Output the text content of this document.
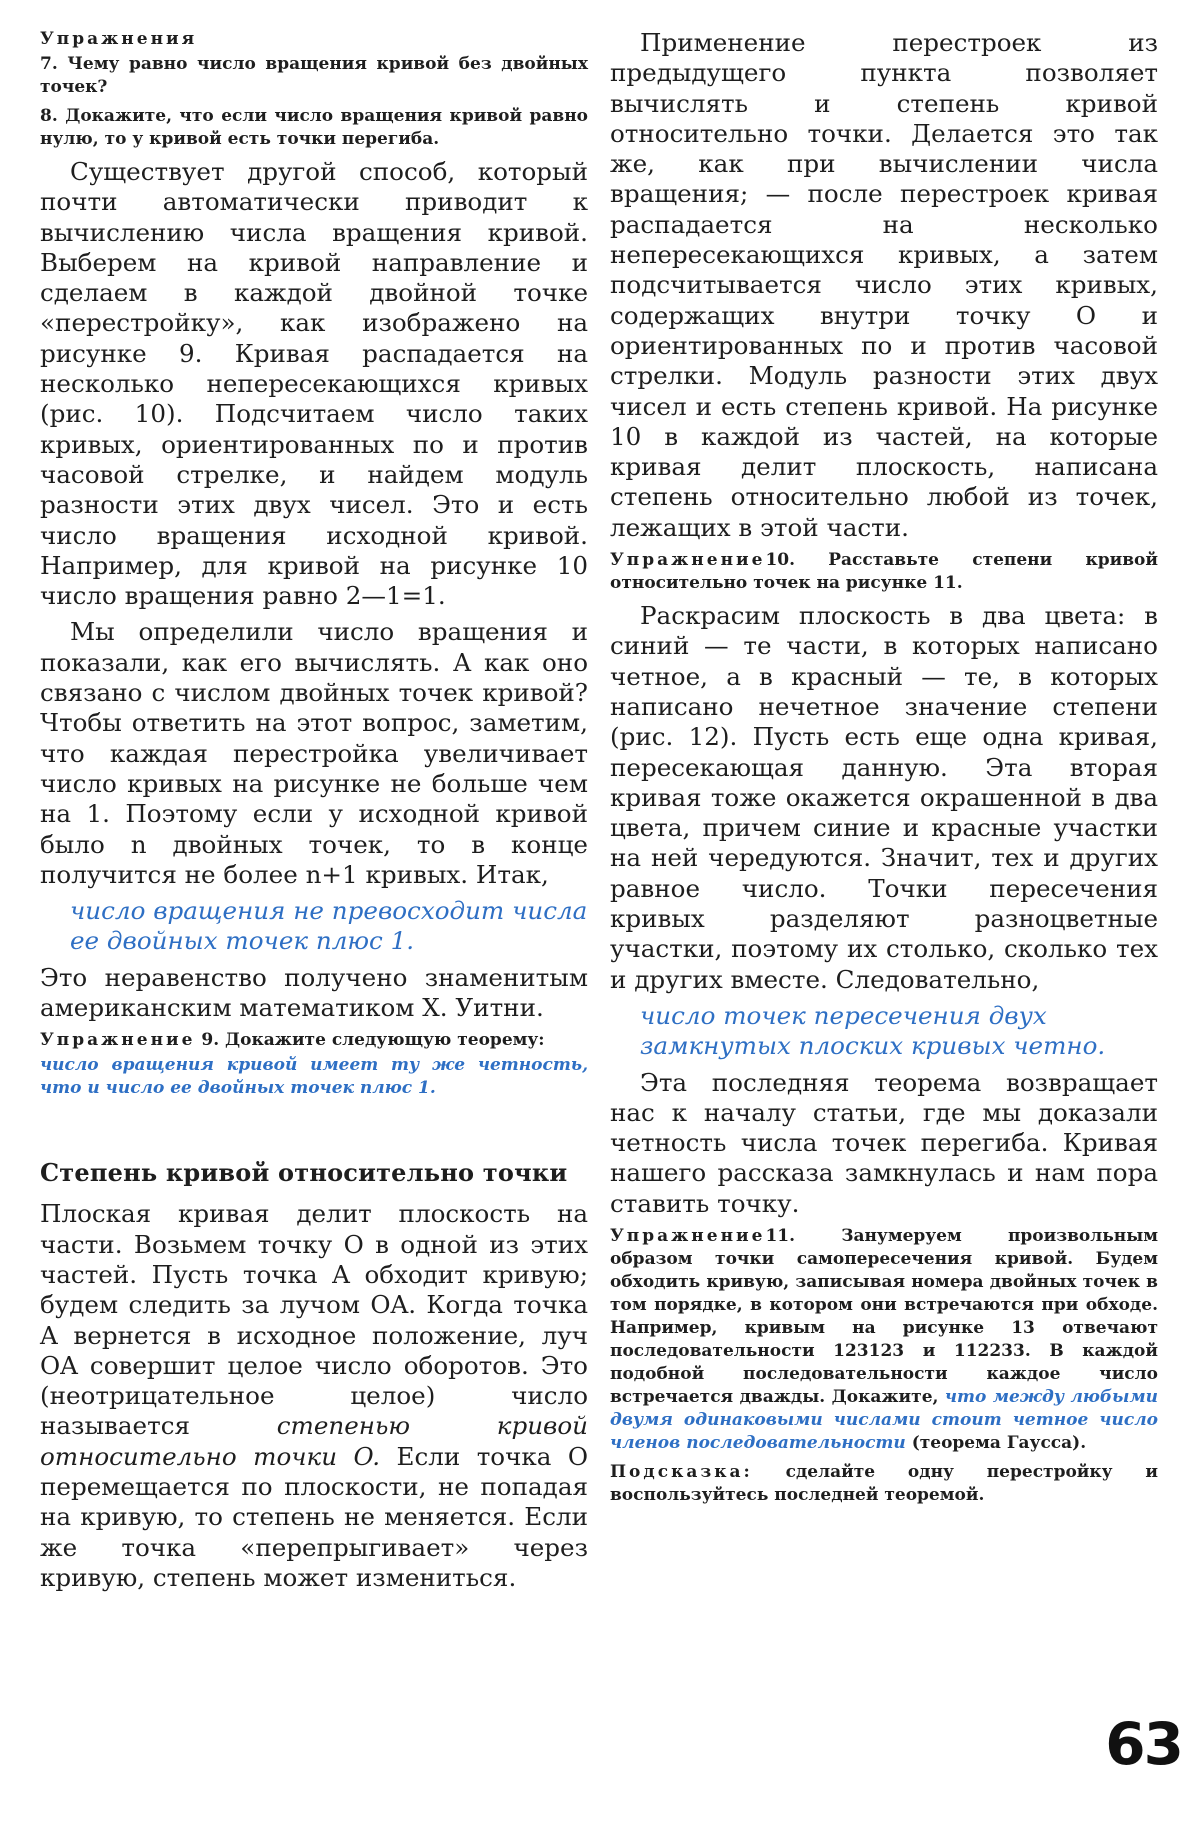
Упражнения

7. Чему равно число вращения кривой без двойных точек?

8. Докажите, что если число вращения кривой равно нулю, то у кривой есть точки перегиба.

Существует другой способ, который почти автоматически приводит к вычислению числа вращения кривой. Выберем на кривой направление и сделаем в каждой двойной точке «перестройку», как изображено на рисунке 9. Кривая распадается на несколько непересекающихся кривых (рис. 10). Подсчитаем число таких кривых, ориентированных по и против часовой стрелке, и найдем модуль разности этих двух чисел. Это и есть число вращения исходной кривой. Например, для кривой на рисунке 10 число вращения равно 2—1=1.

Мы определили число вращения и показали, как его вычислять. А как оно связано с числом двойных точек кривой? Чтобы ответить на этот вопрос, заметим, что каждая перестройка увеличивает число кривых на рисунке не больше чем на 1. Поэтому если у исходной кривой было n двойных точек, то в конце получится не более n+1 кривых. Итак,

число вращения не превосходит числа ее двойных точек плюс 1.

Это неравенство получено знаменитым американским математиком Х. Уитни.

Упражнение 9. Докажите следующую теорему:

число вращения кривой имеет ту же четность, что и число ее двойных точек плюс 1.

Степень кривой относительно точки

Плоская кривая делит плоскость на части. Возьмем точку O в одной из этих частей. Пусть точка A обходит кривую; будем следить за лучом OA. Когда точка A вернется в исходное положение, луч OA совершит целое число оборотов. Это (неотрицательное целое) число называется	степенью кривой относительно точки O. Если точка O перемещается по плоскости, не попадая на кривую, то степень не меняется. Если же точка «перепрыгивает» через кривую, степень может измениться.

Применение перестроек из предыдущего пункта позволяет вычислять и степень кривой относительно точки. Делается это так же, как при вычислении числа вращения; — после перестроек кривая распадается на несколько непересекающихся кривых, а затем подсчитывается число этих кривых, содержащих внутри точку O и ориентированных по и против часовой стрелки. Модуль разности этих двух чисел и есть степень кривой. На рисунке 10 в каждой из частей, на которые кривая делит плоскость, написана степень относительно любой из точек, лежащих в этой части.

Упражнение10. Расставьте степени кривой относительно точек на рисунке 11.

Раскрасим плоскость в два цвета: в синий — те части, в которых написано четное, а в красный — те, в которых написано нечетное значение степени (рис. 12). Пусть есть еще одна кривая, пересекающая данную. Эта вторая кривая тоже окажется окрашенной в два цвета, причем синие и красные участки на ней чередуются. Значит, тех и других равное число. Точки пересечения кривых разделяют разноцветные участки, поэтому их столько, сколько тех и других вместе. Следовательно,

число точек пересечения двух замкнутых плоских кривых четно.

Эта последняя теорема возвращает нас к началу статьи, где мы доказали четность числа точек перегиба. Кривая нашего рассказа замкнулась и нам пора ставить точку.

Упражнение11.	Занумеруем произвольным образом точки самопересечения кривой. Будем обходить кривую, записывая номера двойных точек в том порядке, в котором они встречаются при обходе. Например, кривым на рисунке 13 отвечают последовательности 123123 и 112233. В каждой подобной последовательности каждое число встречается дважды. Докажите, что между любыми двумя одинаковыми числами стоит четное число членов последовательности (теорема Гаусса).

Подсказка: сделайте одну перестройку и воспользуйтесь последней теоремой.

63
